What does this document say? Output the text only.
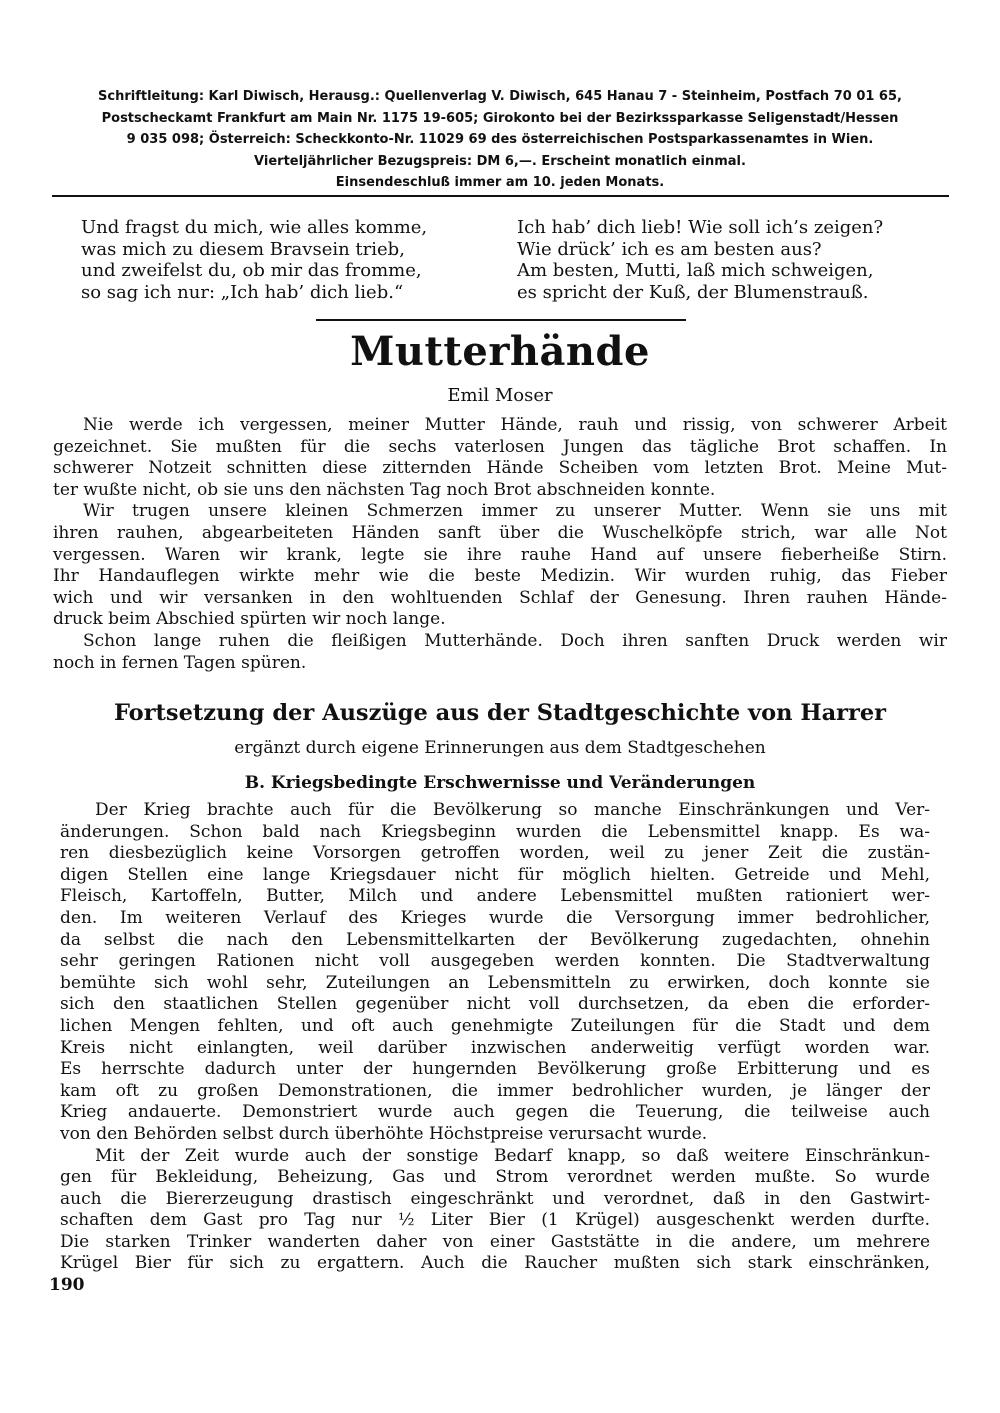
Schriftleitung: Karl Diwisch, Herausg.: Quellenverlag V. Diwisch, 645 Hanau 7 - Steinheim, Postfach 70 01 65,
Postscheckamt Frankfurt am Main Nr. 1175 19-605; Girokonto bei der Bezirkssparkasse Seligenstadt/Hessen
9 035 098; Österreich: Scheckkonto-Nr. 11029 69 des österreichischen Postsparkassenamtes in Wien.
Vierteljährlicher Bezugspreis: DM 6,—. Erscheint monatlich einmal.
Einsendeschluß immer am 10. jeden Monats.
Und fragst du mich, wie alles komme,
was mich zu diesem Bravsein trieb,
und zweifelst du, ob mir das fromme,
so sag ich nur: „Ich hab’ dich lieb.“
Ich hab’ dich lieb! Wie soll ich’s zeigen?
Wie drück’ ich es am besten aus?
Am besten, Mutti, laß mich schweigen,
es spricht der Kuß, der Blumenstrauß.
Mutterhände
Emil Moser
Nie werde ich vergessen, meiner Mutter Hände, rauh und rissig, von schwerer Arbeit
gezeichnet. Sie mußten für die sechs vaterlosen Jungen das tägliche Brot schaffen. In
schwerer Notzeit schnitten diese zitternden Hände Scheiben vom letzten Brot. Meine Mut-
ter wußte nicht, ob sie uns den nächsten Tag noch Brot abschneiden konnte.
Wir trugen unsere kleinen Schmerzen immer zu unserer Mutter. Wenn sie uns mit
ihren rauhen, abgearbeiteten Händen sanft über die Wuschelköpfe strich, war alle Not
vergessen. Waren wir krank, legte sie ihre rauhe Hand auf unsere fieberheiße Stirn.
Ihr Handauflegen wirkte mehr wie die beste Medizin. Wir wurden ruhig, das Fieber
wich und wir versanken in den wohltuenden Schlaf der Genesung. Ihren rauhen Hände-
druck beim Abschied spürten wir noch lange.
Schon lange ruhen die fleißigen Mutterhände. Doch ihren sanften Druck werden wir
noch in fernen Tagen spüren.
Fortsetzung der Auszüge aus der Stadtgeschichte von Harrer
ergänzt durch eigene Erinnerungen aus dem Stadtgeschehen
B. Kriegsbedingte Erschwernisse und Veränderungen
Der Krieg brachte auch für die Bevölkerung so manche Einschränkungen und Ver-
änderungen. Schon bald nach Kriegsbeginn wurden die Lebensmittel knapp. Es wa-
ren diesbezüglich keine Vorsorgen getroffen worden, weil zu jener Zeit die zustän-
digen Stellen eine lange Kriegsdauer nicht für möglich hielten. Getreide und Mehl,
Fleisch, Kartoffeln, Butter, Milch und andere Lebensmittel mußten rationiert wer-
den. Im weiteren Verlauf des Krieges wurde die Versorgung immer bedrohlicher,
da selbst die nach den Lebensmittelkarten der Bevölkerung zugedachten, ohnehin
sehr geringen Rationen nicht voll ausgegeben werden konnten. Die Stadtverwaltung
bemühte sich wohl sehr, Zuteilungen an Lebensmitteln zu erwirken, doch konnte sie
sich den staatlichen Stellen gegenüber nicht voll durchsetzen, da eben die erforder-
lichen Mengen fehlten, und oft auch genehmigte Zuteilungen für die Stadt und dem
Kreis nicht einlangten, weil darüber inzwischen anderweitig verfügt worden war.
Es herrschte dadurch unter der hungernden Bevölkerung große Erbitterung und es
kam oft zu großen Demonstrationen, die immer bedrohlicher wurden, je länger der
Krieg andauerte. Demonstriert wurde auch gegen die Teuerung, die teilweise auch
von den Behörden selbst durch überhöhte Höchstpreise verursacht wurde.
Mit der Zeit wurde auch der sonstige Bedarf knapp, so daß weitere Einschränkun-
gen für Bekleidung, Beheizung, Gas und Strom verordnet werden mußte. So wurde
auch die Biererzeugung drastisch eingeschränkt und verordnet, daß in den Gastwirt-
schaften dem Gast pro Tag nur ½ Liter Bier (1 Krügel) ausgeschenkt werden durfte.
Die starken Trinker wanderten daher von einer Gaststätte in die andere, um mehrere
Krügel Bier für sich zu ergattern. Auch die Raucher mußten sich stark einschränken,
190
